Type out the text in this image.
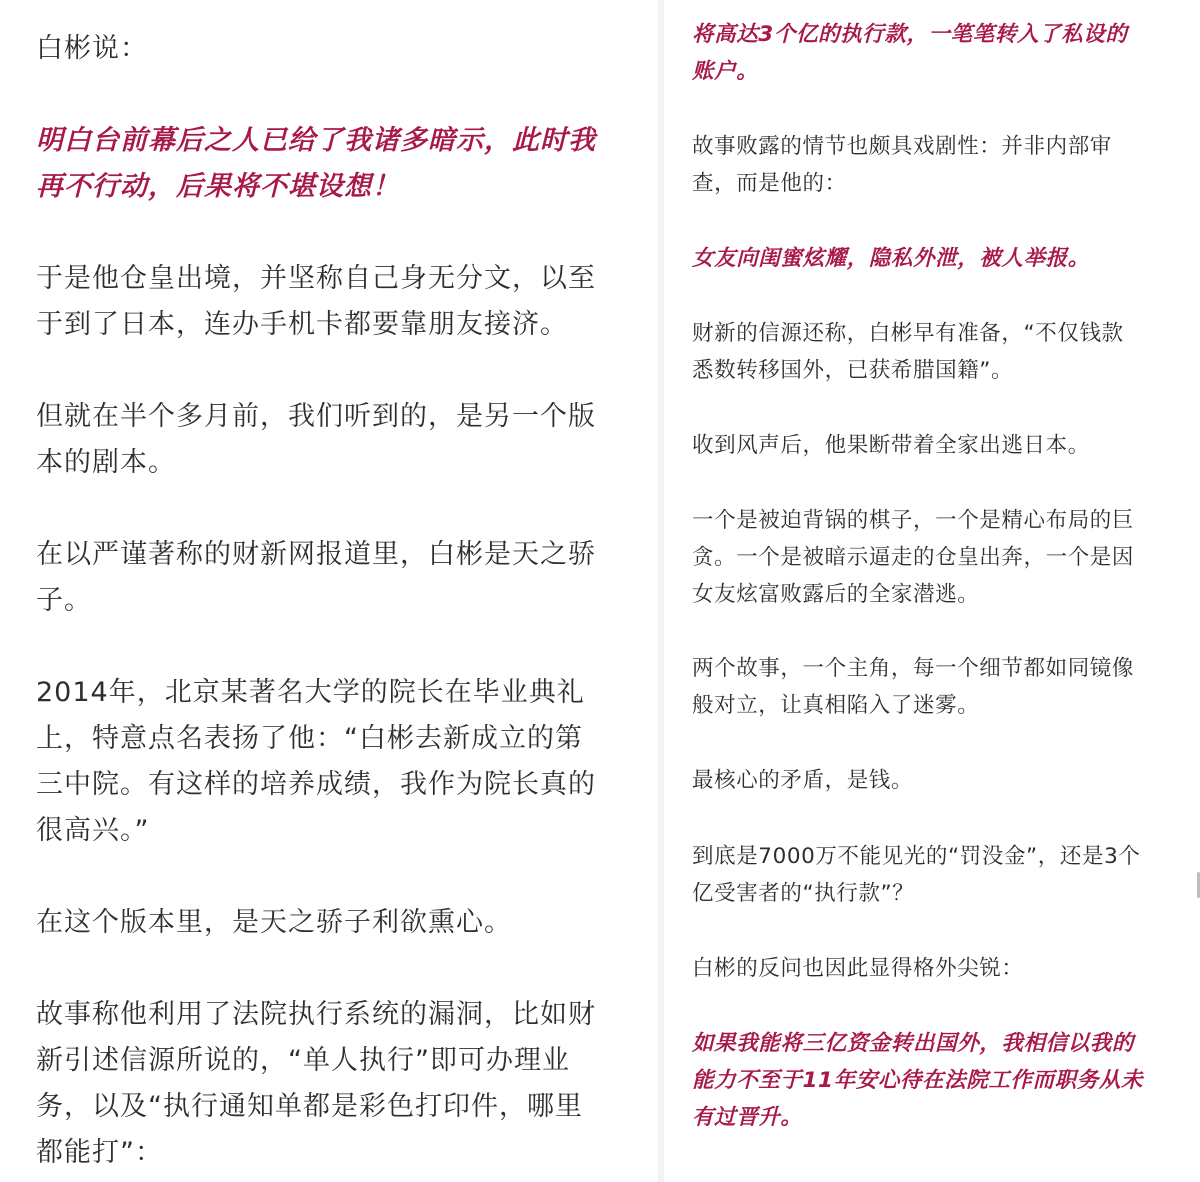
白彬说：
明白台前幕后之人已给了我诸多暗示，此时我
再不行动，后果将不堪设想！
于是他仓皇出境，并坚称自己身无分文，以至
于到了日本，连办手机卡都要靠朋友接济。
但就在半个多月前，我们听到的，是另一个版
本的剧本。
在以严谨著称的财新网报道里，白彬是天之骄
子。
2014年，北京某著名大学的院长在毕业典礼
上，特意点名表扬了他：“白彬去新成立的第
三中院。有这样的培养成绩，我作为院长真的
很高兴。”
在这个版本里，是天之骄子利欲熏心。
故事称他利用了法院执行系统的漏洞，比如财
新引述信源所说的，“单人执行”即可办理业
务，以及“执行通知单都是彩色打印件，哪里
都能打”：
将高达3个亿的执行款，一笔笔转入了私设的
账户。
故事败露的情节也颇具戏剧性：并非内部审
查，而是他的：
女友向闺蜜炫耀，隐私外泄，被人举报。
财新的信源还称，白彬早有准备，“不仅钱款
悉数转移国外，已获希腊国籍”。
收到风声后，他果断带着全家出逃日本。
一个是被迫背锅的棋子，一个是精心布局的巨
贪。一个是被暗示逼走的仓皇出奔，一个是因
女友炫富败露后的全家潜逃。
两个故事，一个主角，每一个细节都如同镜像
般对立，让真相陷入了迷雾。
最核心的矛盾，是钱。
到底是7000万不能见光的“罚没金”，还是3个
亿受害者的“执行款”？
白彬的反问也因此显得格外尖锐：
如果我能将三亿资金转出国外，我相信以我的
能力不至于11年安心待在法院工作而职务从未
有过晋升。
